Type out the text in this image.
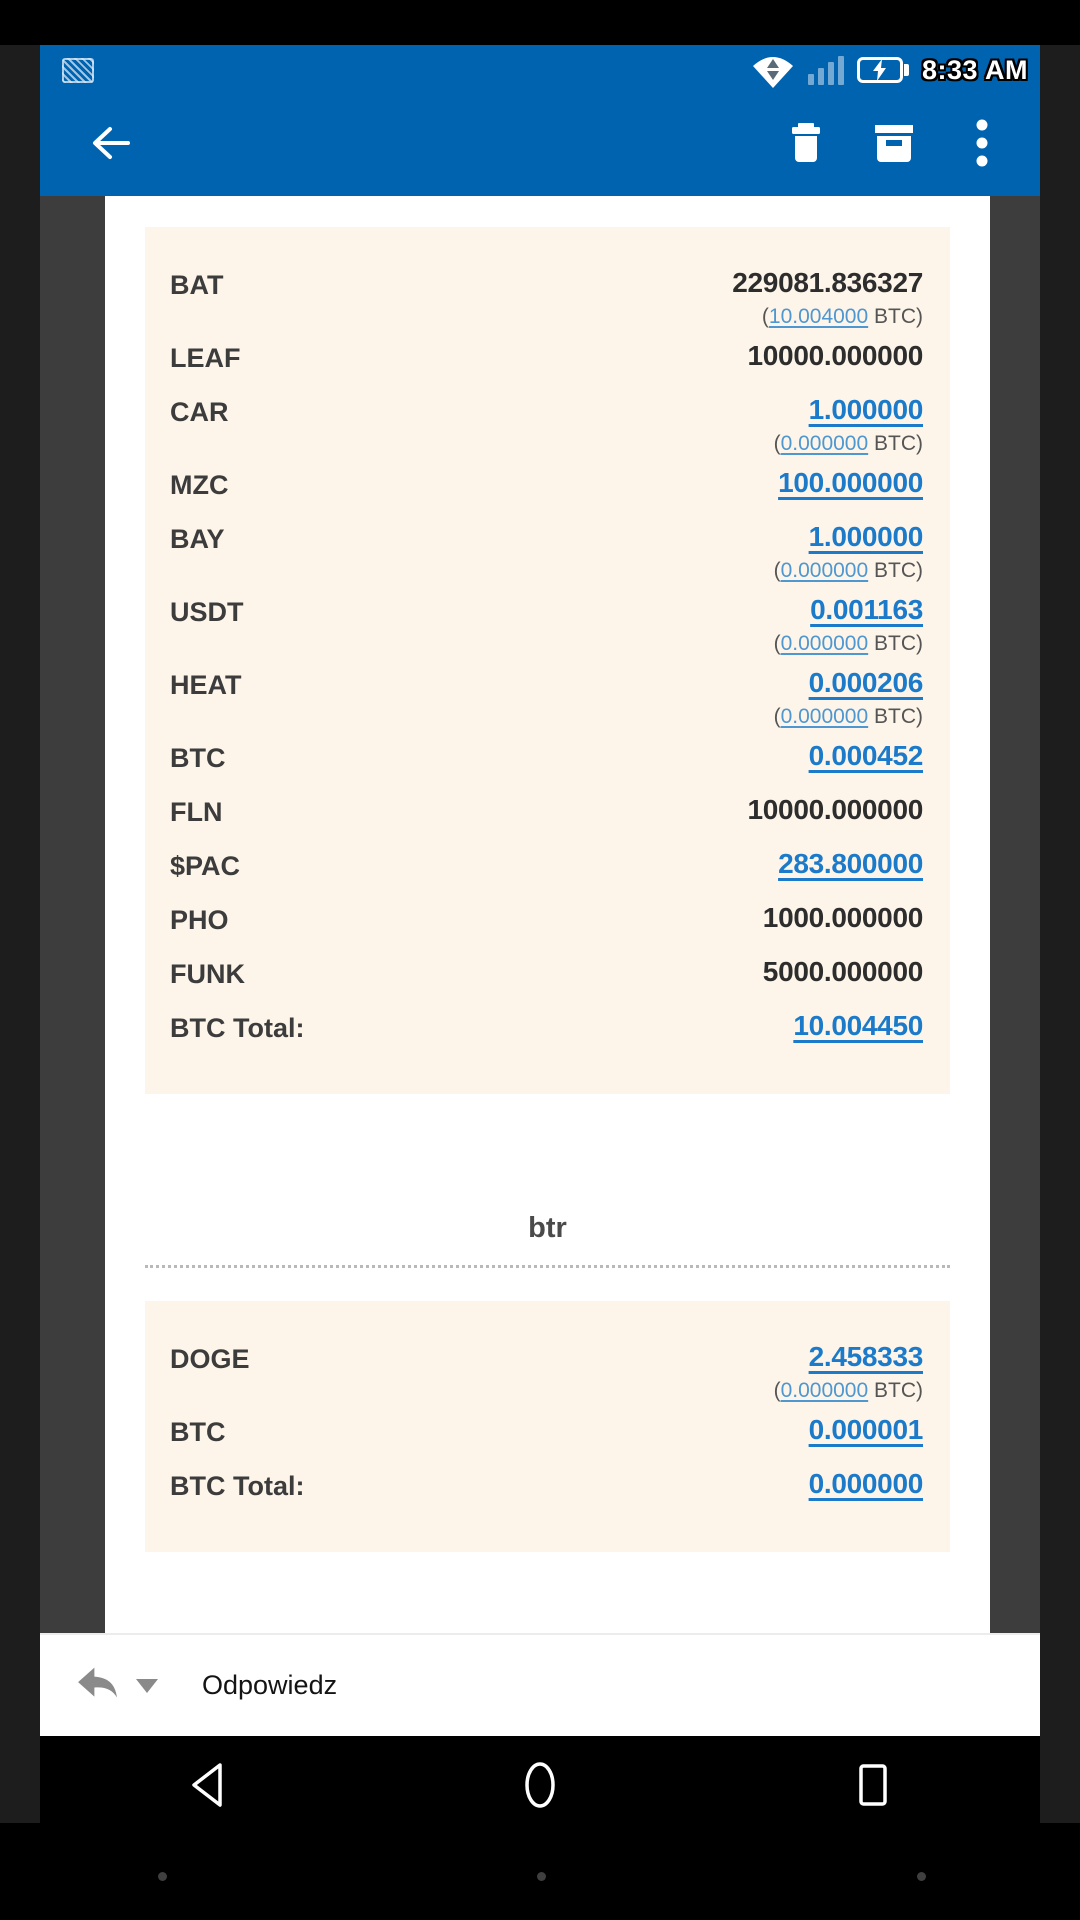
8:33 AM
BAT	229081.836327
(10.004000 BTC)
LEAF	10000.000000
CAR	1.000000
(0.000000 BTC)
MZC	100.000000
BAY	1.000000
(0.000000 BTC)
USDT	0.001163
(0.000000 BTC)
HEAT	0.000206
(0.000000 BTC)
BTC	0.000452
FLN	10000.000000
$PAC	283.800000
PHO	1000.000000
FUNK	5000.000000
BTC Total:	10.004450
btr
DOGE	2.458333
(0.000000 BTC)
BTC	0.000001
BTC Total:	0.000000
Odpowiedz
